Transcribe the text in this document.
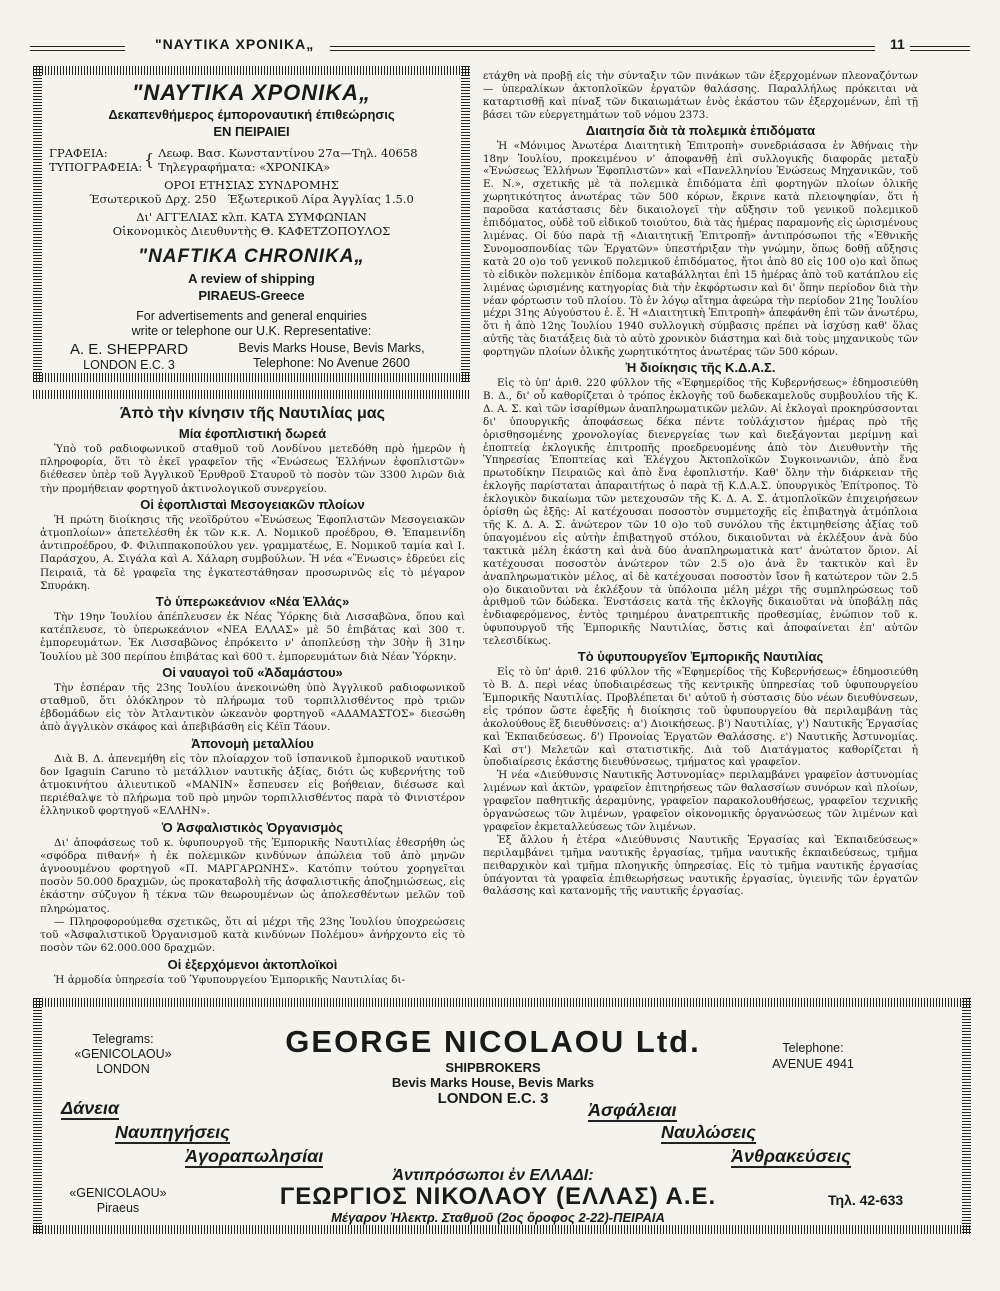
"ΝΑΥΤΙΚΑ ΧΡΟΝΙΚΑ„	11
"ΝΑΥΤΙΚΑ ΧΡΟΝΙΚΑ„
Δεκαπενθήμερος έμπορoναυτική έπιθεώρησις
ΕΝ ΠΕΙΡΑΙΕΙ
ΓΡΑΦΕΙΑ:
ΤΥΠΟΓΡΑΦΕΙΑ: { Λεωφ. Βασ. Κωνσταντίνου 27α—Τηλ. 40658
Τηλεγραφήματα: «ΧΡΟΝΙΚΑ»
ΟΡΟΙ ΕΤΗΣΙΑΣ ΣΥΝΔΡΟΜΗΣ
Έσωτερικοῦ Δρχ. 250 Έξωτερικοῦ Λίρα Ἀγγλίας 1.5.0
Δι' ΑΓΓΕΛΙΑΣ κλπ. ΚΑΤΑ ΣΥΜΦΩΝΙΑΝ
Οἰκονομικὸς Διευθυντὴς Θ. ΚΑΦΕΤΖΟΠΟΥΛΟΣ
"NAFTIKA CHRONIKA„
A review of shipping
PIRAEUS-Greece
For advertisements and general enquiries
write or telephone our U.K. Representative:
A. E. SHEPPARD
LONDON E.C. 3
Bevis Marks House, Bevis Marks,
Telephone: No Avenue 2600
Άπὸ τὴν κίνησιν τῆς Ναυτιλίας μας
Μία έφοπλιστική δωρεά

Ὑπὸ τοῦ ραδιοφωνικοῦ σταθμοῦ τοῦ Λονδίνου μετεδόθη πρὸ ἡμερῶν ἡ πληροφορία, ὅτι τὸ ἐκεῖ γραφεῖον τῆς «Ἐνώσεως Ἑλλήνων ἐφοπλιστῶν» διέθεσεν ὑπὲρ τοῦ Ἀγγλικοῦ Ἐρυθροῦ Σταυροῦ τὸ ποσὸν τῶν 3300 λιρῶν διὰ τὴν προμήθειαν φορτηγοῦ ἀκτινολογικοῦ συνεργείου.

Οἱ ἐφοπλισταὶ Μεσογειακῶν πλοίων

Ἡ πρώτη διοίκησις τῆς νεοϊδρύτου «Ἐνώσεως Ἐφοπλιστῶν Μεσογειακῶν ἀτμοπλοίων» ἀπετελέσθη ἐκ τῶν κ.κ. Λ. Νομικοῦ προέδρου, Θ. Ἐπαμεινίδη ἀντιπροέδρου, Φ. Φιλιππακοπούλου γεν. γραμματέως, Ε. Νομικοῦ ταμία καὶ Ι. Παράσχου, Α. Σιγάλα καὶ Α. Χάλαρη συμβούλων. Ἡ νέα «Ἕνωσις» ἐδρεύει εἰς Πειραιᾶ, τὰ δὲ γραφεῖα της ἐγκατεστάθησαν προσωρινῶς εἰς τὸ μέγαρον Σπυράκη.

Τὸ ὑπερωκεάνιον «Νέα Ἑλλάς»

Τὴν 19ην Ἰουλίου ἀπέπλευσεν ἐκ Νέας Ὑόρκης διὰ Λισσαβῶνα, ὅπου καὶ κατέπλευσε, τὸ ὑπερωκεάνιον «ΝΕΑ ΕΛΛΑΣ» μὲ 50 ἐπιβάτας καὶ 300 τ. ἐμπορευμάτων. Ἐκ Λισσαβῶνος ἐπρόκειτο ν' ἀποπλεύσῃ τὴν 30ὴν ἢ 31ην Ἰουλίου μὲ 300 περίπου ἐπιβάτας καὶ 600 τ. ἐμπορευμάτων διὰ Νέαν Ὑόρκην.

Οἱ ναυαγοὶ τοῦ «Ἀδαμάστου»

Τὴν ἑσπέραν τῆς 23ης Ἰουλίου ἀνεκοινώθη ὑπὸ Ἀγγλικοῦ ραδιοφωνικοῦ σταθμοῦ, ὅτι ὁλόκληρον τὸ πλήρωμα τοῦ τορπιλλισθέντος πρὸ τριῶν ἑβδομάδων εἰς τὸν Ἀτλαντικὸν ὠκεανὸν φορτηγοῦ «ΑΔΑΜΑΣΤΟΣ» διεσώθη ἀπὸ ἀγγλικὸν σκάφος καὶ ἀπεβιβάσθη εἰς Κέϊπ Τάουν.

Ἀπονομὴ μεταλλίου

Διὰ Β. Δ. ἀπενεμήθη εἰς τὸν πλοίαρχον τοῦ ἰσπανικοῦ ἐμπορικοῦ ναυτικοῦ δον Igaguin Caruno τὸ μετάλλιον ναυτικῆς ἀξίας, διότι ὡς κυβερνήτης τοῦ ἀτμοκινήτου ἁλιευτικοῦ «ΜΑΝΙΝ» ἔσπευσεν εἰς βοήθειαν, διέσωσε καὶ περιέθαλψε τὸ πλήρωμα τοῦ πρὸ μηνῶν τορπιλλισθέντος παρὰ τὸ Φινιστέρον ἑλληνικοῦ φορτηγοῦ «ΕΛΛΗΝ».

Ὁ Ἀσφαλιστικὸς Ὀργανισμὸς

Δι' ἀποφάσεως τοῦ κ. ὑφυπουργοῦ τῆς Ἐμπορικῆς Ναυτιλίας ἐθεσρήθη ὡς «σφόδρα πιθανή» ἡ ἐκ πολεμικῶν κινδύνων ἀπώλεια τοῦ ἀπὸ μηνῶν ἀγνοουμένου φορτηγοῦ «Π. ΜΑΡΓΑΡΩΝΗΣ». Κατόπιν τούτου χορηγεῖται ποσὸν 50.000 δραχμῶν, ὡς προκαταβολὴ τῆς ἀσφαλιστικῆς ἀποζημιώσεως, εἰς ἑκάστην σύζυγον ἢ τέκνα τῶν θεωρουμένων ὡς ἀπολεσθέντων μελῶν τοῦ πληρώματος.

— Πληροφορούμεθα σχετικῶς, ὅτι αἱ μέχρι τῆς 23ης Ἰουλίου ὑποχρεώσεις τοῦ «Ἀσφαλιστικοῦ Ὀργανισμοῦ κατὰ κινδύνων Πολέμου» ἀνήρχοντο εἰς τὸ ποσὸν τῶν 62.000.000 δραχμῶν.

Οἱ ἐξερχόμενοι ἀκτοπλοϊκοὶ

Ἡ ἁρμοδία ὑπηρεσία τοῦ Ὑφυπουργείου Ἐμπορικῆς Ναυτιλίας δι-

ετάχθη νὰ προβῇ εἰς τὴν σύνταξιν τῶν πινάκων τῶν ἐξερχομένων πλεοναζόντων — ὑπεραλίκων ἀκτοπλοϊκῶν ἐργατῶν θαλάσσης. Παραλλήλως πρόκειται νὰ καταρτισθῇ καὶ πίναξ τῶν δικαιωμάτων ἑνὸς ἑκάστου τῶν ἐξερχομένων, ἐπὶ τῇ βάσει τῶν εὐεργετημάτων τοῦ νόμου 2373.

Διαιτησία διὰ τὰ πολεμικὰ ἐπιδόματα

Ἡ «Μόνιμος Ἀνωτέρα Διαιτητικὴ Ἐπιτροπὴ» συνεδριάσασα ἐν Ἀθήναις τὴν 18ην Ἰουλίου, προκειμένου ν' ἀποφανθῇ ἐπὶ συλλογικῆς διαφορᾶς μεταξὺ «Ἑνώσεως Ἑλλήνων Ἐφοπλιστῶν» καὶ «Πανελληνίου Ἑνώσεως Μηχανικῶν, τοῦ Ε. Ν.», σχετικῆς μὲ τὰ πολεμικὰ ἐπιδόματα ἐπὶ φορτηγῶν πλοίων ὁλικῆς χωρητικότητος ἀνωτέρας τῶν 500 κόρων, ἔκρινε κατὰ πλειοψηφίαν, ὅτι ἡ παροῦσα κατάστασις δὲν δικαιολογεῖ τὴν αὔξησιν τοῦ γενικοῦ πολεμικοῦ ἐπιδόματος, οὐδὲ τοῦ εἰδικοῦ τοιούτου, διὰ τὰς ἡμέρας παραμονῆς εἰς ὡρισμένους λιμένας. Οἱ δύο παρὰ τῇ «Διαιτητικῇ Ἐπιτροπῇ» ἀντιπρόσωποι τῆς «Ἐθνικῆς Συνομοσπονδίας τῶν Ἐργατῶν» ὑπεστήριξαν τὴν γνώμην, ὅπως δοθῇ αὔξησις κατὰ 20 ο)ο τοῦ γενικοῦ πολεμικοῦ ἐπιδόματος, ἤτοι ἀπὸ 80 εἰς 100 ο)ο καὶ ὅπως τὸ εἰδικὸν πολεμικὸν ἐπίδομα καταβάλληται ἐπὶ 15 ἡμέρας ἀπὸ τοῦ κατάπλου εἰς λιμένας ὡρισμένης κατηγορίας διὰ τὴν ἐκφόρτωσιν καὶ δι' ὅπην περίοδον διὰ τὴν νέαν φόρτωσιν τοῦ πλοίου. Τὸ ἐν λόγῳ αἴτημα ἀφεώρα τὴν περίοδον 21ης Ἰουλίου μέχρι 31ης Αὐγούστου ἐ. ἔ. Ἡ «Διαιτητικὴ Ἐπιτροπὴ» ἀπεφάνθη ἐπὶ τῶν ἀνωτέρω, ὅτι ἡ ἀπὸ 12ης Ἰουλίου 1940 συλλογικὴ σύμβασις πρέπει νὰ ἰσχύσῃ καθ' ὅλας αὐτῆς τὰς διατάξεις διὰ τὸ αὐτὸ χρονικὸν διάστημα καὶ διὰ τοὺς μηχανικοὺς τῶν φορτηγῶν πλοίων ὁλικῆς χωρητικότητος ἀνωτέρας τῶν 500 κόρων.

Ἡ διοίκησις τῆς Κ.Δ.Α.Σ.

Εἰς τὸ ὑπ' ἀριθ. 220 φύλλον τῆς «Ἐφημερίδος τῆς Κυβερνήσεως» ἐδημοσιεύθη Β. Δ., δι' οὗ καθορίζεται ὁ τρόπος ἐκλογῆς τοῦ δωδεκαμελοῦς συμβουλίου τῆς Κ. Δ. Α. Σ. καὶ τῶν ἰσαρίθμων ἀναπληρωματικῶν μελῶν. Αἱ ἐκλογαὶ προκηρύσσονται δι' ὑπουργικῆς ἀποφάσεως δέκα πέντε τοὐλάχιστον ἡμέρας πρὸ τῆς ὁρισθησομένης χρονολογίας διενεργείας των καὶ διεξάγονται μερίμνῃ καὶ ἐποπτείᾳ ἐκλογικῆς ἐπιτροπῆς προεδρευομένης ἀπὸ τὸν Διευθυντὴν τῆς Ὑπηρεσίας Ἐποπτείας καὶ Ἐλέγχου Ἀκτοπλοϊκῶν Συγκοινωνιῶν, ἀπὸ ἕνα πρωτοδίκην Πειραιῶς καὶ ἀπὸ ἕνα ἐφοπλιστήν. Καθ' ὅλην τὴν διάρκειαν τῆς ἐκλογῆς παρίσταται ἀπαραιτήτως ὁ παρὰ τῇ Κ.Δ.Α.Σ. ὑπουργικὸς Ἐπίτροπος. Τὸ ἐκλογικὸν δικαίωμα τῶν μετεχουσῶν τῆς Κ. Δ. Α. Σ. ἀτμοπλοϊκῶν ἐπιχειρήσεων ὁρίσθη ὡς ἑξῆς: Αἱ κατέχουσαι ποσοστὸν συμμετοχῆς εἰς ἐπιβατηγὰ ἀτμόπλοια τῆς Κ. Δ. Α. Σ. ἀνώτερον τῶν 10 ο)ο τοῦ συνόλου τῆς ἐκτιμηθείσης ἀξίας τοῦ ὑπαγομένου εἰς αὐτὴν ἐπιβατηγοῦ στόλου, δικαιοῦνται νὰ ἐκλέξουν ἀνὰ δύο τακτικὰ μέλη ἑκάστη καὶ ἀνὰ δύο ἀναπληρωματικὰ κατ' ἀνώτατον ὅριον. Αἱ κατέχουσαι ποσοστὸν ἀνώτερον τῶν 2.5 ο)ο ἀνὰ ἓν τακτικὸν καὶ ἓν ἀναπληρωματικὸν μέλος, αἱ δὲ κατέχουσαι ποσοστὸν ἴσον ἢ κατώτερον τῶν 2.5 ο)ο δικαιοῦνται νὰ ἐκλέξουν τὰ ὑπόλοιπα μέλη μέχρι τῆς συμπληρώσεως τοῦ ἀριθμοῦ τῶν δώδεκα. Ἐνστάσεις κατὰ τῆς ἐκλογῆς δικαιοῦται νὰ ὑποβάλῃ πᾶς ἐνδιαφερόμενος, ἐντὸς τριημέρου ἀνατρεπτικῆς προθεσμίας, ἐνώπιον τοῦ κ. ὑφυπουργοῦ τῆς Ἐμπορικῆς Ναυτιλίας, ὅστις καὶ ἀποφαίνεται ἐπ' αὐτῶν τελεσιδίκως.

Τὸ ὑφυπουργεῖον Ἐμπορικῆς Ναυτιλίας

Εἰς τὸ ὑπ' ἀριθ. 216 φύλλον τῆς «Ἐφημερίδος τῆς Κυβερνήσεως» ἐδημοσιεύθη τὸ Β. Δ. περὶ νέας ὑποδιαιρέσεως τῆς κεντρικῆς ὑπηρεσίας τοῦ ὑφυπουργείου Ἐμπορικῆς Ναυτιλίας. Προβλέπεται δι' αὐτοῦ ἡ σύστασις δύο νέων διευθύνσεων, εἰς τρόπον ὥστε ἐφεξῆς ἡ διοίκησις τοῦ ὑφυπουργείου θὰ περιλαμβάνῃ τὰς ἀκολούθους ἓξ διευθύνσεις: α') Διοικήσεως. β') Ναυτιλίας, γ') Ναυτικῆς Ἐργασίας καὶ Ἐκπαιδεύσεως. δ') Προνοίας Ἐργατῶν Θαλάσσης. ε') Ναυτικῆς Ἀστυνομίας. Καὶ στ') Μελετῶν καὶ στατιστικῆς. Διὰ τοῦ Διατάγματος καθορίζεται ἡ ὑποδιαίρεσις ἑκάστης διευθύνσεως, τμήματος καὶ γραφεῖον.

Ἡ νέα «Διεύθυνσις Ναυτικῆς Ἀστυνομίας» περιλαμβάνει γραφεῖον ἀστυνομίας λιμένων καὶ ἀκτῶν, γραφεῖον ἐπιτηρήσεως τῶν θαλασσίων συνόρων καὶ πλοίων, γραφεῖον παθητικῆς ἀεραμύνης, γραφεῖον παρακολουθήσεως, γραφεῖον τεχνικῆς ὀργανώσεως τῶν λιμένων, γραφεῖον οἰκονομικῆς ὀργανώσεως τῶν λιμένων καὶ γραφεῖον ἐκμεταλλεύσεως τῶν λιμένων.

Ἐξ ἄλλου ἡ ἑτέρα «Διεύθυνσις Ναυτικῆς Ἐργασίας καὶ Ἐκπαιδεύσεως» περιλαμβάνει τμῆμα ναυτικῆς ἐργασίας, τμῆμα ναυτικῆς ἐκπαιδεύσεως, τμῆμα πειθαρχικὸν καὶ τμῆμα πλοηγικῆς ὑπηρεσίας. Εἰς τὸ τμῆμα ναυτικῆς ἐργασίας ὑπάγονται τὰ γραφεῖα ἐπιθεωρήσεως ναυτικῆς ἐργασίας, ὑγιεινῆς τῶν ἐργατῶν θαλάσσης καὶ κατανομῆς τῆς ναυτικῆς ἐργασίας.

Telegrams:
«GENICOLAOU»
LONDON
GEORGE NICOLAOU Ltd.
SHIPBROKERS
Bevis Marks House, Bevis Marks
LONDON E.C. 3
Telephone:
AVENUE 4941
Δάνεια
Ναυπηγήσεις
Ἀγοραπωλησίαι
Ἀσφάλειαι
Ναυλώσεις
Ἀνθρακεύσεις
Ἀντιπρόσωποι ἐν ΕΛΛΑΔΙ:
«GENICOLAOU»
Piraeus	ΓΕΩΡΓΙΟΣ ΝΙΚΟΛΑΟΥ (ΕΛΛΑΣ) Α.Ε.
Μέγαρον Ἠλεκτρ. Σταθμοῦ (2ος ὄροφος 2-22)-ΠΕΙΡΑΙΑ
Τηλ. 42-633
